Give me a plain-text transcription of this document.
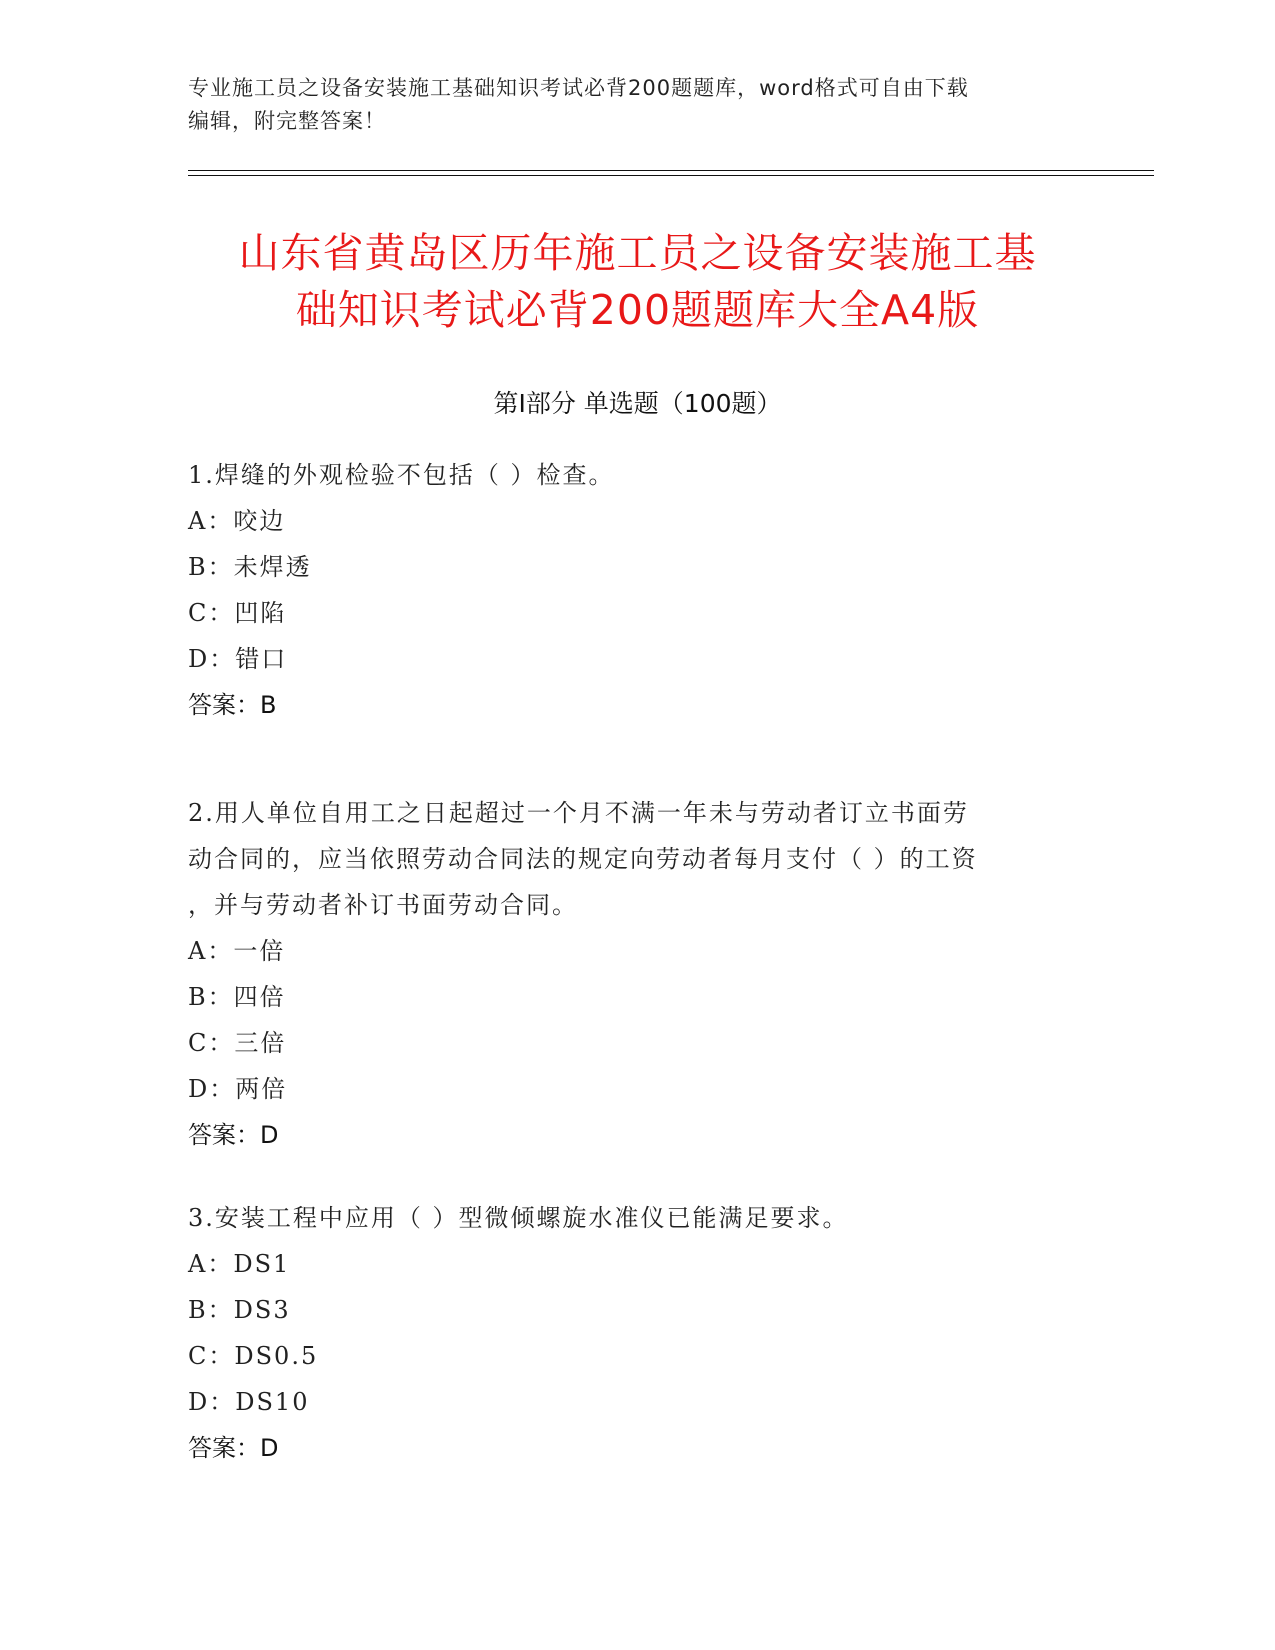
专业施工员之设备安装施工基础知识考试必背200题题库，word格式可自由下载
编辑，附完整答案！
山东省黄岛区历年施工员之设备安装施工基
础知识考试必背200题题库大全A4版
第Ⅰ部分 单选题（100题）
1.焊缝的外观检验不包括（ ）检查。
A：咬边
B：未焊透
C：凹陷
D：错口
答案：B
2.用人单位自用工之日起超过一个月不满一年未与劳动者订立书面劳
动合同的，应当依照劳动合同法的规定向劳动者每月支付（ ）的工资
，并与劳动者补订书面劳动合同。
A：一倍
B：四倍
C：三倍
D：两倍
答案：D
3.安装工程中应用（ ）型微倾螺旋水准仪已能满足要求。
A：DS1
B：DS3
C：DS0.5
D：DS10
答案：D
